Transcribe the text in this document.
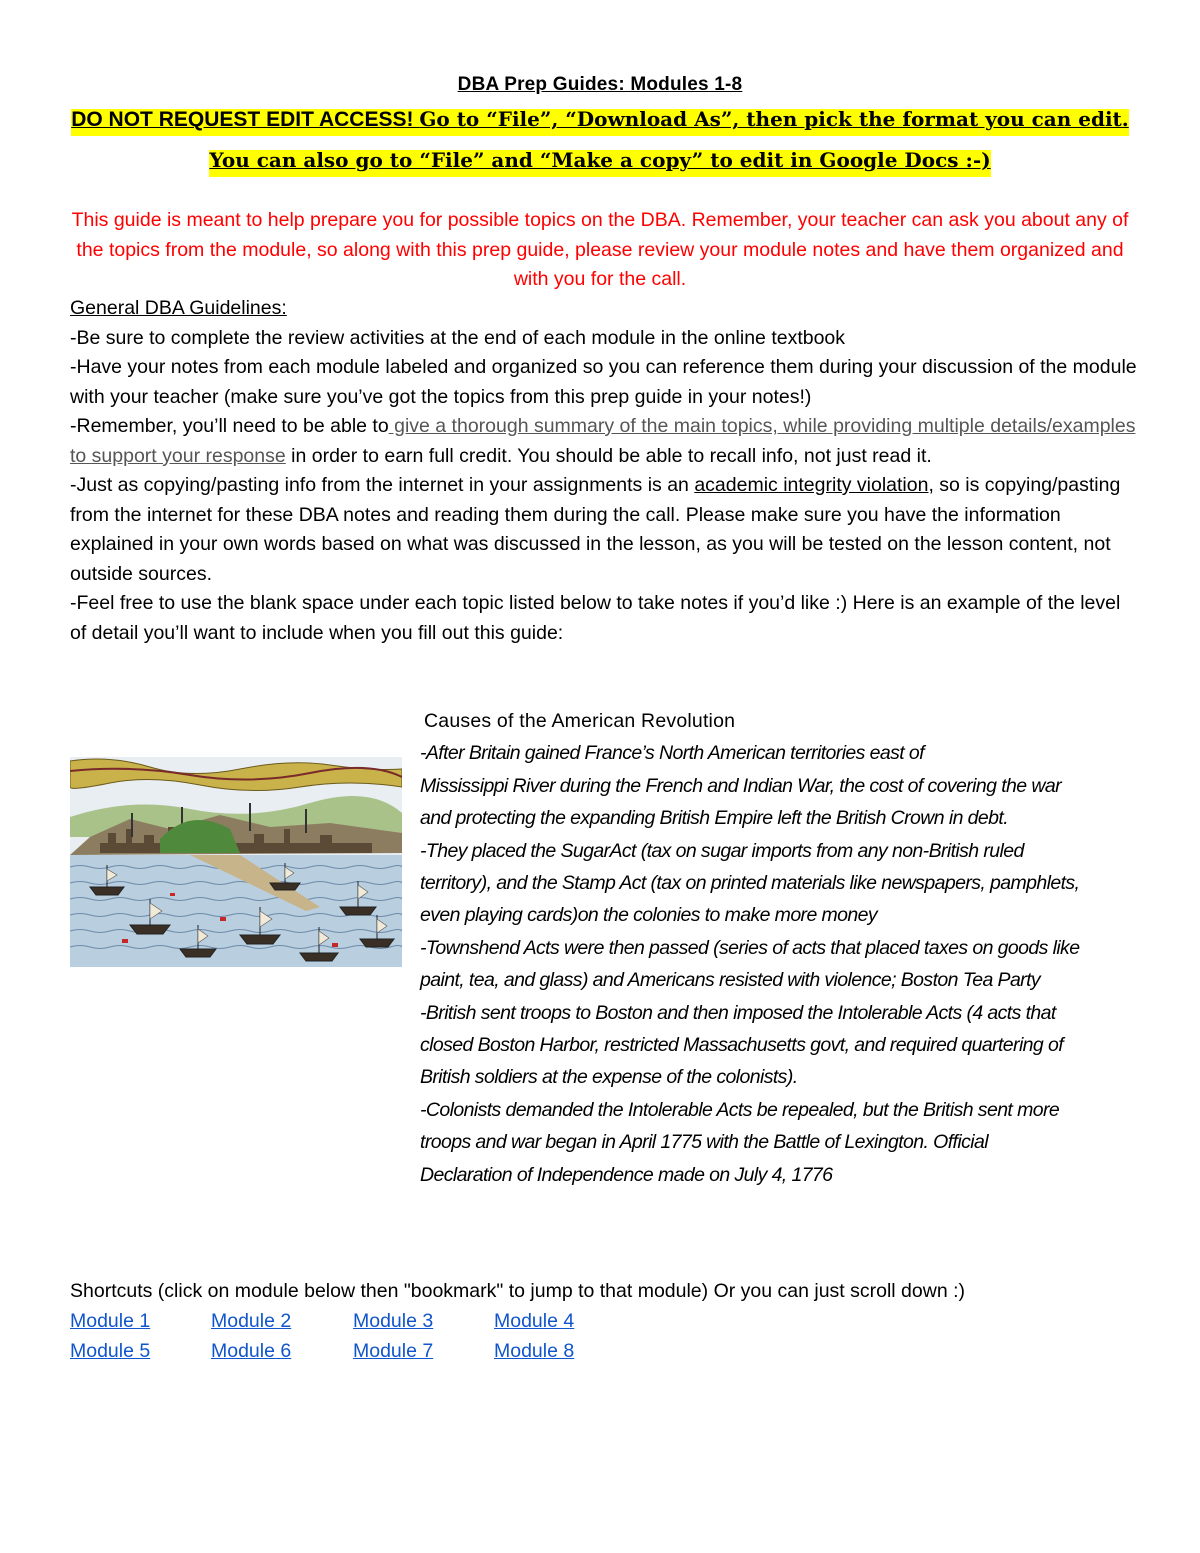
DBA Prep Guides: Modules 1-8
DO NOT REQUEST EDIT ACCESS! Go to “File”, “Download As”, then pick the format you can edit. You can also go to “File” and “Make a copy” to edit in Google Docs :-)
This guide is meant to help prepare you for possible topics on the DBA. Remember, your teacher can ask you about any of the topics from the module, so along with this prep guide, please review your module notes and have them organized and with you for the call.

General DBA Guidelines:

-Be sure to complete the review activities at the end of each module in the online textbook

-Have your notes from each module labeled and organized so you can reference them during your discussion of the module with your teacher (make sure you’ve got the topics from this prep guide in your notes!)

-Remember, you’ll need to be able to give a thorough summary of the main topics, while providing multiple details/examples to support your response in order to earn full credit. You should be able to recall info, not just read it.

-Just as copying/pasting info from the internet in your assignments is an academic integrity violation, so is copying/pasting from the internet for these DBA notes and reading them during the call. Please make sure you have the information explained in your own words based on what was discussed in the lesson, as you will be tested on the lesson content, not outside sources.

-Feel free to use the blank space under each topic listed below to take notes if you’d like :) Here is an example of the level of detail you’ll want to include when you fill out this guide:

Causes of the American Revolution
-After Britain gained France’s North American territories east of
Mississippi River during the French and Indian War, the cost of covering the war
and protecting the expanding British Empire left the British Crown in debt.
-They placed the SugarAct (tax on sugar imports from any non-British ruled
territory), and the Stamp Act (tax on printed materials like newspapers, pamphlets,
even playing cards)on the colonies to make more money
-Townshend Acts were then passed (series of acts that placed taxes on goods like
paint, tea, and glass) and Americans resisted with violence; Boston Tea Party
-British sent troops to Boston and then imposed the Intolerable Acts (4 acts that
closed Boston Harbor, restricted Massachusetts govt, and required quartering of
British soldiers at the expense of the colonists).
-Colonists demanded the Intolerable Acts be repealed, but the British sent more
troops and war began in April 1775 with the Battle of Lexington. Official
Declaration of Independence made on July 4, 1776
Shortcuts (click on module below then "bookmark" to jump to that module) Or you can just scroll down :)
Module 1	Module 2	Module 3	Module 4
Module 5	Module 6	Module 7	Module 8
